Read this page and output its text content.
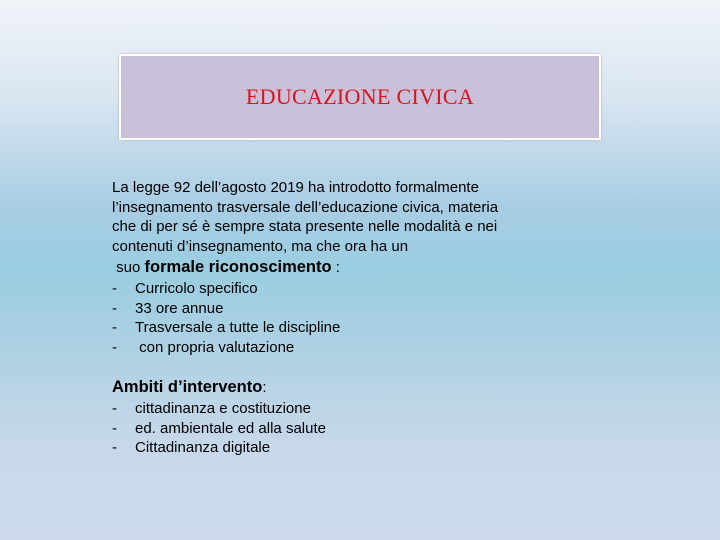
EDUCAZIONE CIVICA
La legge 92 dell’agosto 2019 ha introdotto formalmente
l’insegnamento trasversale dell’educazione civica, materia
che di per sé è sempre stata presente nelle modalità e nei
contenuti d’insegnamento, ma che ora ha un
suo formale riconoscimento :
-	Curricolo specifico
-	33 ore annue
-	Trasversale a tutte le discipline
-	con propria valutazione
Ambiti d’intervento:
-	cittadinanza e costituzione
-	ed. ambientale ed alla salute
-	Cittadinanza digitale
